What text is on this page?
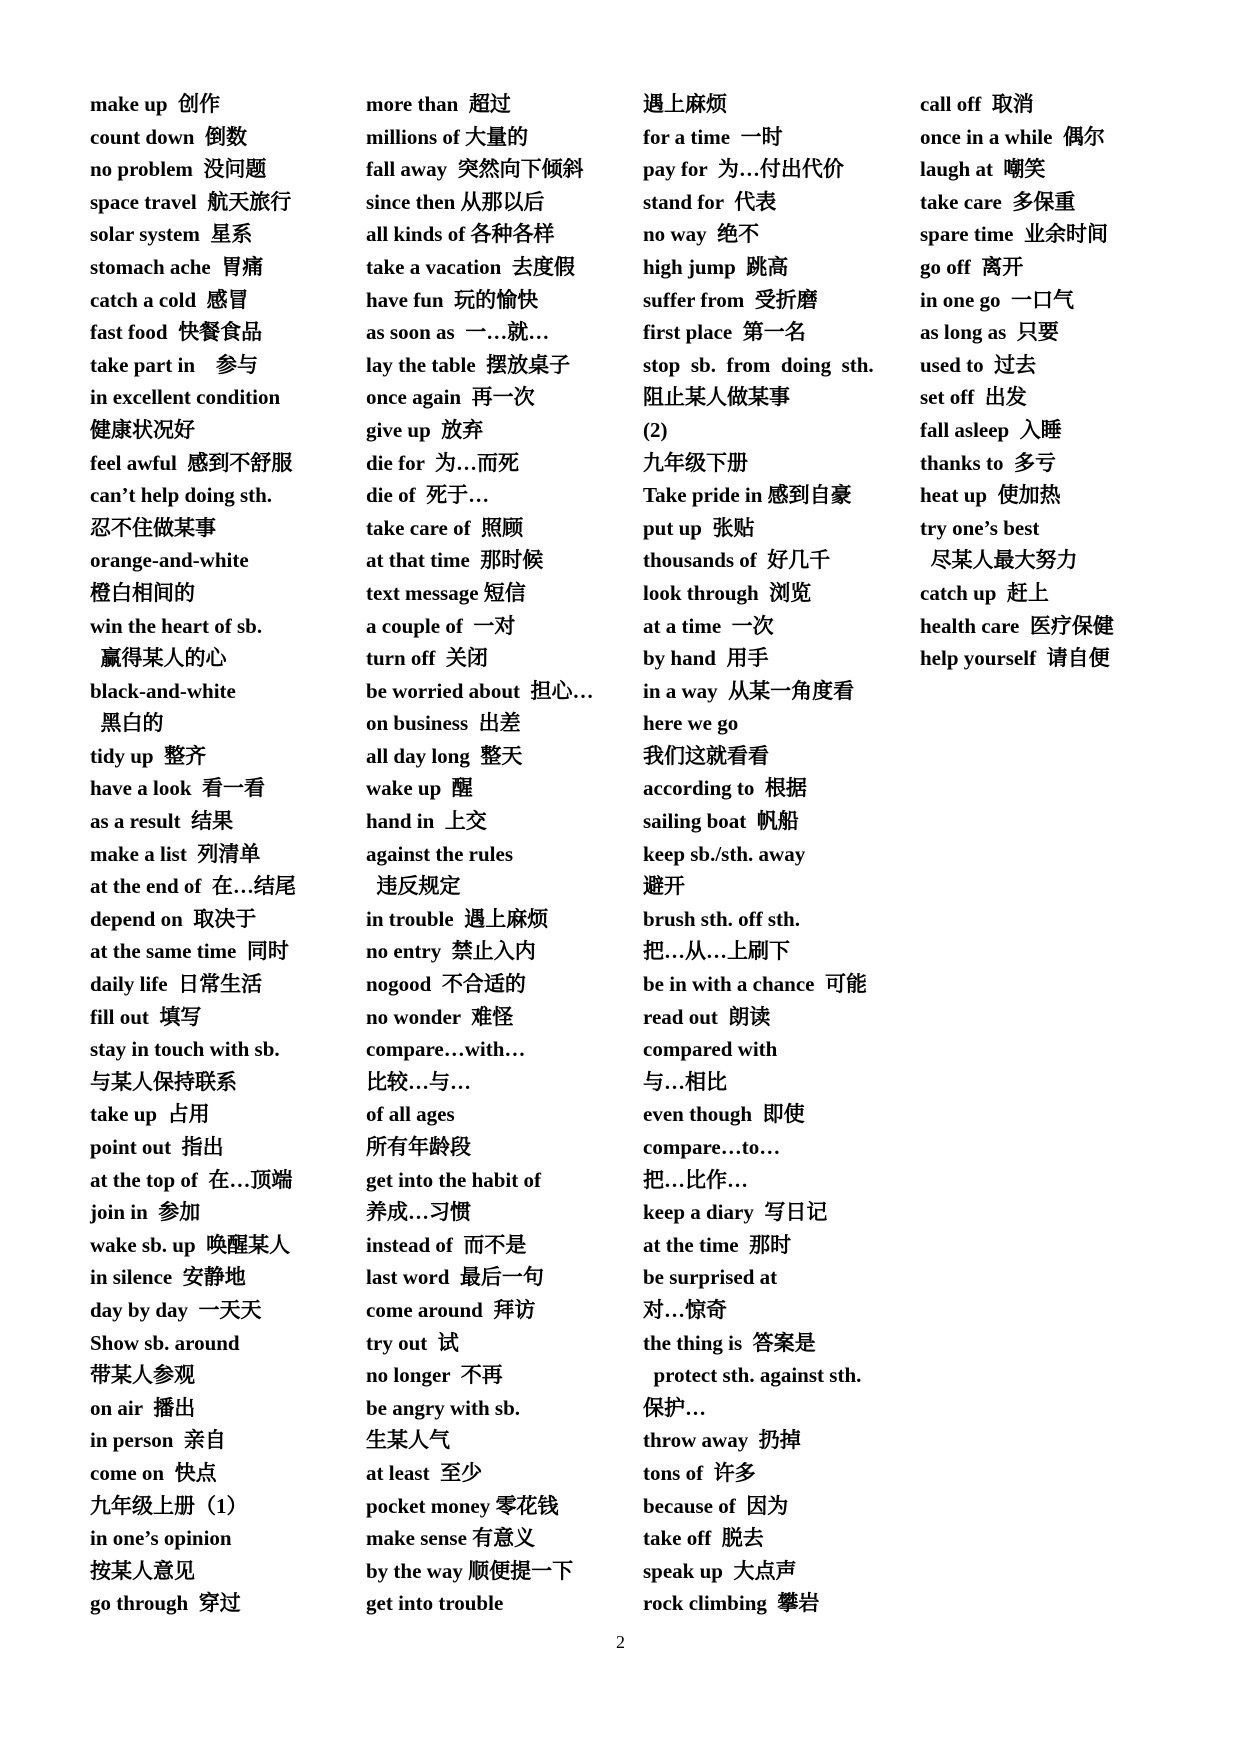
make up  创作
count down  倒数
no problem  没问题
space travel  航天旅行
solar system  星系
stomach ache  胃痛
catch a cold  感冒
fast food  快餐食品
take part in    参与
in excellent condition
健康状况好
feel awful  感到不舒服
can’t help doing sth.
忍不住做某事
orange-and-white
橙白相间的
win the heart of sb.
赢得某人的心
black-and-white
黑白的
tidy up  整齐
have a look  看一看
as a result  结果
make a list  列清单
at the end of  在…结尾
depend on  取决于
at the same time  同时
daily life  日常生活
fill out  填写
stay in touch with sb.
与某人保持联系
take up  占用
point out  指出
at the top of  在…顶端
join in  参加
wake sb. up  唤醒某人
in silence  安静地
day by day  一天天
Show sb. around
带某人参观
on air  播出
in person  亲自
come on  快点
九年级上册（1）
in one’s opinion
按某人意见
go through  穿过
more than  超过
millions of 大量的
fall away  突然向下倾斜
since then 从那以后
all kinds of 各种各样
take a vacation  去度假
have fun  玩的愉快
as soon as  一…就…
lay the table  摆放桌子
once again  再一次
give up  放弃
die for  为…而死
die of  死于…
take care of  照顾
at that time  那时候
text message 短信
a couple of  一对
turn off  关闭
be worried about  担心…
on business  出差
all day long  整天
wake up  醒
hand in  上交
against the rules
违反规定
in trouble  遇上麻烦
no entry  禁止入内
nogood  不合适的
no wonder  难怪
compare…with…
比较…与…
of all ages
所有年龄段
get into the habit of
养成…习惯
instead of  而不是
last word  最后一句
come around  拜访
try out  试
no longer  不再
be angry with sb.
生某人气
at least  至少
pocket money 零花钱
make sense 有意义
by the way 顺便提一下
get into trouble
遇上麻烦
for a time  一时
pay for  为…付出代价
stand for  代表
no way  绝不
high jump  跳高
suffer from  受折磨
first place  第一名
stop  sb.  from  doing  sth.
阻止某人做某事
(2)
九年级下册
Take pride in 感到自豪
put up  张贴
thousands of  好几千
look through  浏览
at a time  一次
by hand  用手
in a way  从某一角度看
here we go
我们这就看看
according to  根据
sailing boat  帆船
keep sb./sth. away
避开
brush sth. off sth.
把…从…上刷下
be in with a chance  可能
read out  朗读
compared with
与…相比
even though  即使
compare…to…
把…比作…
keep a diary  写日记
at the time  那时
be surprised at
对…惊奇
the thing is  答案是
protect sth. against sth.
保护…
throw away  扔掉
tons of  许多
because of  因为
take off  脱去
speak up  大点声
rock climbing  攀岩
call off  取消
once in a while  偶尔
laugh at  嘲笑
take care  多保重
spare time  业余时间
go off  离开
in one go  一口气
as long as  只要
used to  过去
set off  出发
fall asleep  入睡
thanks to  多亏
heat up  使加热
try one’s best
尽某人最大努力
catch up  赶上
health care  医疗保健
help yourself  请自便
2
